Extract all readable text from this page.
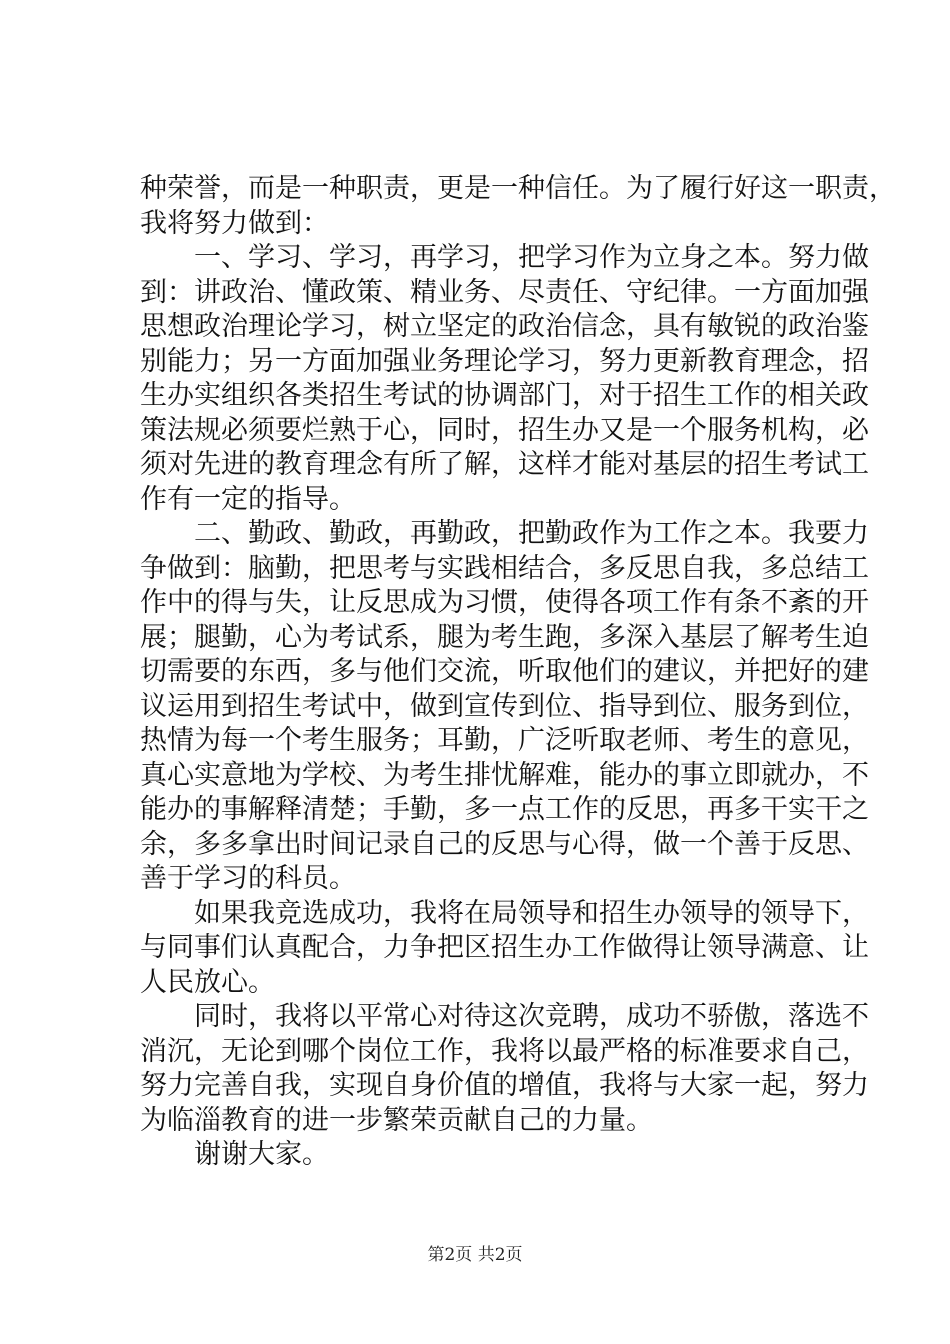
种荣誉，而是一种职责，更是一种信任。为了履行好这一职责，
我将努力做到：
　　一、学习、学习，再学习，把学习作为立身之本。努力做
到：讲政治、懂政策、精业务、尽责任、守纪律。一方面加强
思想政治理论学习，树立坚定的政治信念，具有敏锐的政治鉴
别能力；另一方面加强业务理论学习，努力更新教育理念，招
生办实组织各类招生考试的协调部门，对于招生工作的相关政
策法规必须要烂熟于心，同时，招生办又是一个服务机构，必
须对先进的教育理念有所了解，这样才能对基层的招生考试工
作有一定的指导。
　　二、勤政、勤政，再勤政，把勤政作为工作之本。我要力
争做到：脑勤，把思考与实践相结合，多反思自我，多总结工
作中的得与失，让反思成为习惯，使得各项工作有条不紊的开
展；腿勤，心为考试系，腿为考生跑，多深入基层了解考生迫
切需要的东西，多与他们交流，听取他们的建议，并把好的建
议运用到招生考试中，做到宣传到位、指导到位、服务到位，
热情为每一个考生服务；耳勤，广泛听取老师、考生的意见，
真心实意地为学校、为考生排忧解难，能办的事立即就办，不
能办的事解释清楚；手勤，多一点工作的反思，再多干实干之
余，多多拿出时间记录自己的反思与心得，做一个善于反思、
善于学习的科员。
　　如果我竞选成功，我将在局领导和招生办领导的领导下，
与同事们认真配合，力争把区招生办工作做得让领导满意、让
人民放心。
　　同时，我将以平常心对待这次竞聘，成功不骄傲，落选不
消沉，无论到哪个岗位工作，我将以最严格的标准要求自己，
努力完善自我，实现自身价值的增值，我将与大家一起，努力
为临淄教育的进一步繁荣贡献自己的力量。
　　谢谢大家。
第2页 共2页
